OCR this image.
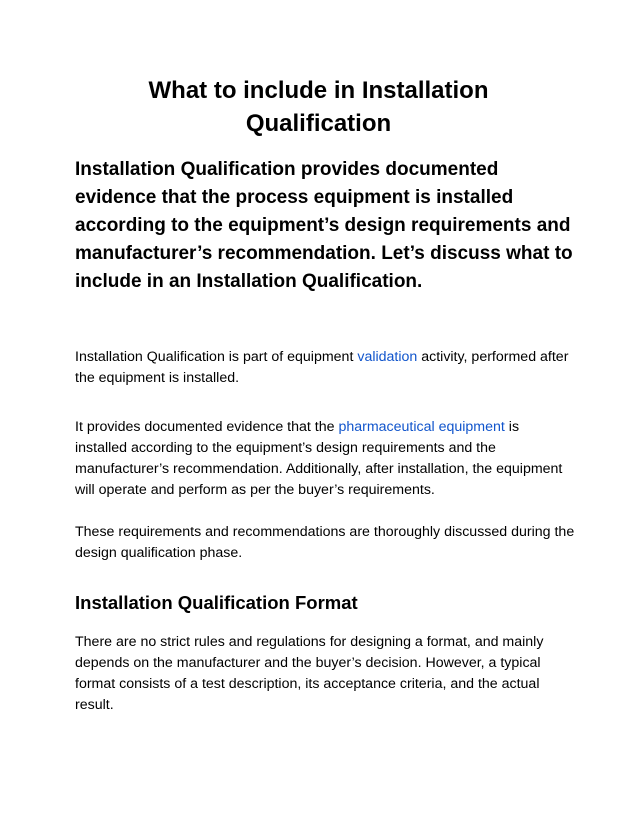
What to include in Installation Qualification

Installation Qualification provides documented evidence that the process equipment is installed according to the equipment’s design requirements and manufacturer’s recommendation. Let’s discuss what to include in an Installation Qualification.

Installation Qualification is part of equipment validation activity, performed after the equipment is installed.

It provides documented evidence that the pharmaceutical equipment is installed according to the equipment’s design requirements and the manufacturer’s recommendation. Additionally, after installation, the equipment will operate and perform as per the buyer’s requirements.

These requirements and recommendations are thoroughly discussed during the design qualification phase.

Installation Qualification Format

There are no strict rules and regulations for designing a format, and mainly depends on the manufacturer and the buyer’s decision. However, a typical format consists of a test description, its acceptance criteria, and the actual result.
